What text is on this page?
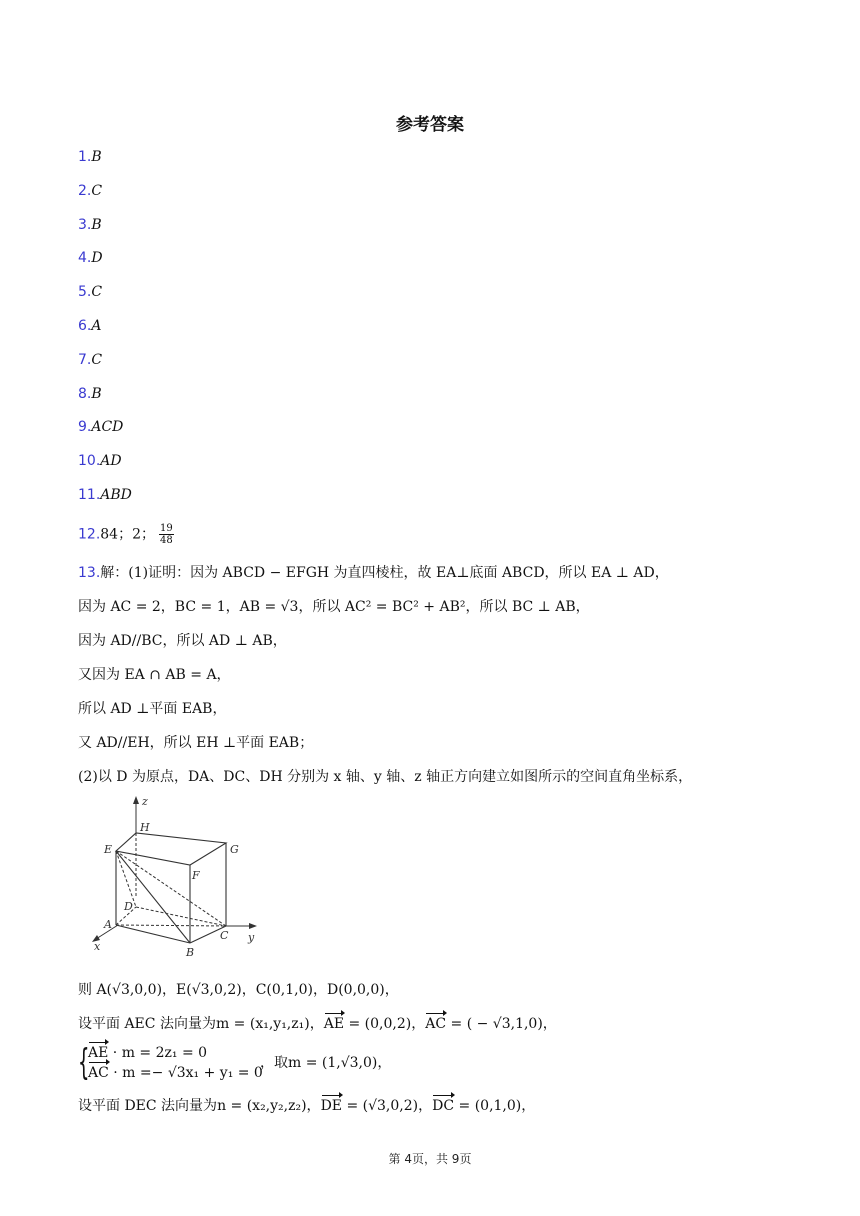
参考答案
1.B
2.C
3.B
4.D
5.C
6.A
7.C
8.B
9.ACD
10.AD
11.ABD
12.84；2； $\frac{19}{48}$
13.解：(1)证明：因为 ABCD − EFGH 为直四棱柱，故 EA⊥底面 ABCD，所以 EA ⊥ AD，
因为 AC = 2，BC = 1，AB = √3，所以 AC² = BC² + AB²，所以 BC ⊥ AB，
因为 AD//BC，所以 AD ⊥ AB，
又因为 EA ∩ AB = A，
所以 AD ⊥平面 EAB，
又 AD//EH，所以 EH ⊥平面 EAB；
(2)以 D 为原点，DA、DC、DH 分别为 x 轴、y 轴、z 轴正方向建立如图所示的空间直角坐标系，
z
y
x
H
G
E
F
D
A
C
B
则 A(√3,0,0)，E(√3,0,2)，C(0,1,0)，D(0,0,0)，
设平面 AEC 法向量为m = (x₁,y₁,z₁)，AE = (0,0,2)，AC = ( − √3,1,0)，
{
AE · m = 2z₁ = 0
AC · m =− √3x₁ + y₁ = 0
，取m = (1,√3,0)，
设平面 DEC 法向量为n = (x₂,y₂,z₂)，DE = (√3,0,2)，DC = (0,1,0)，
第 4页，共 9页
